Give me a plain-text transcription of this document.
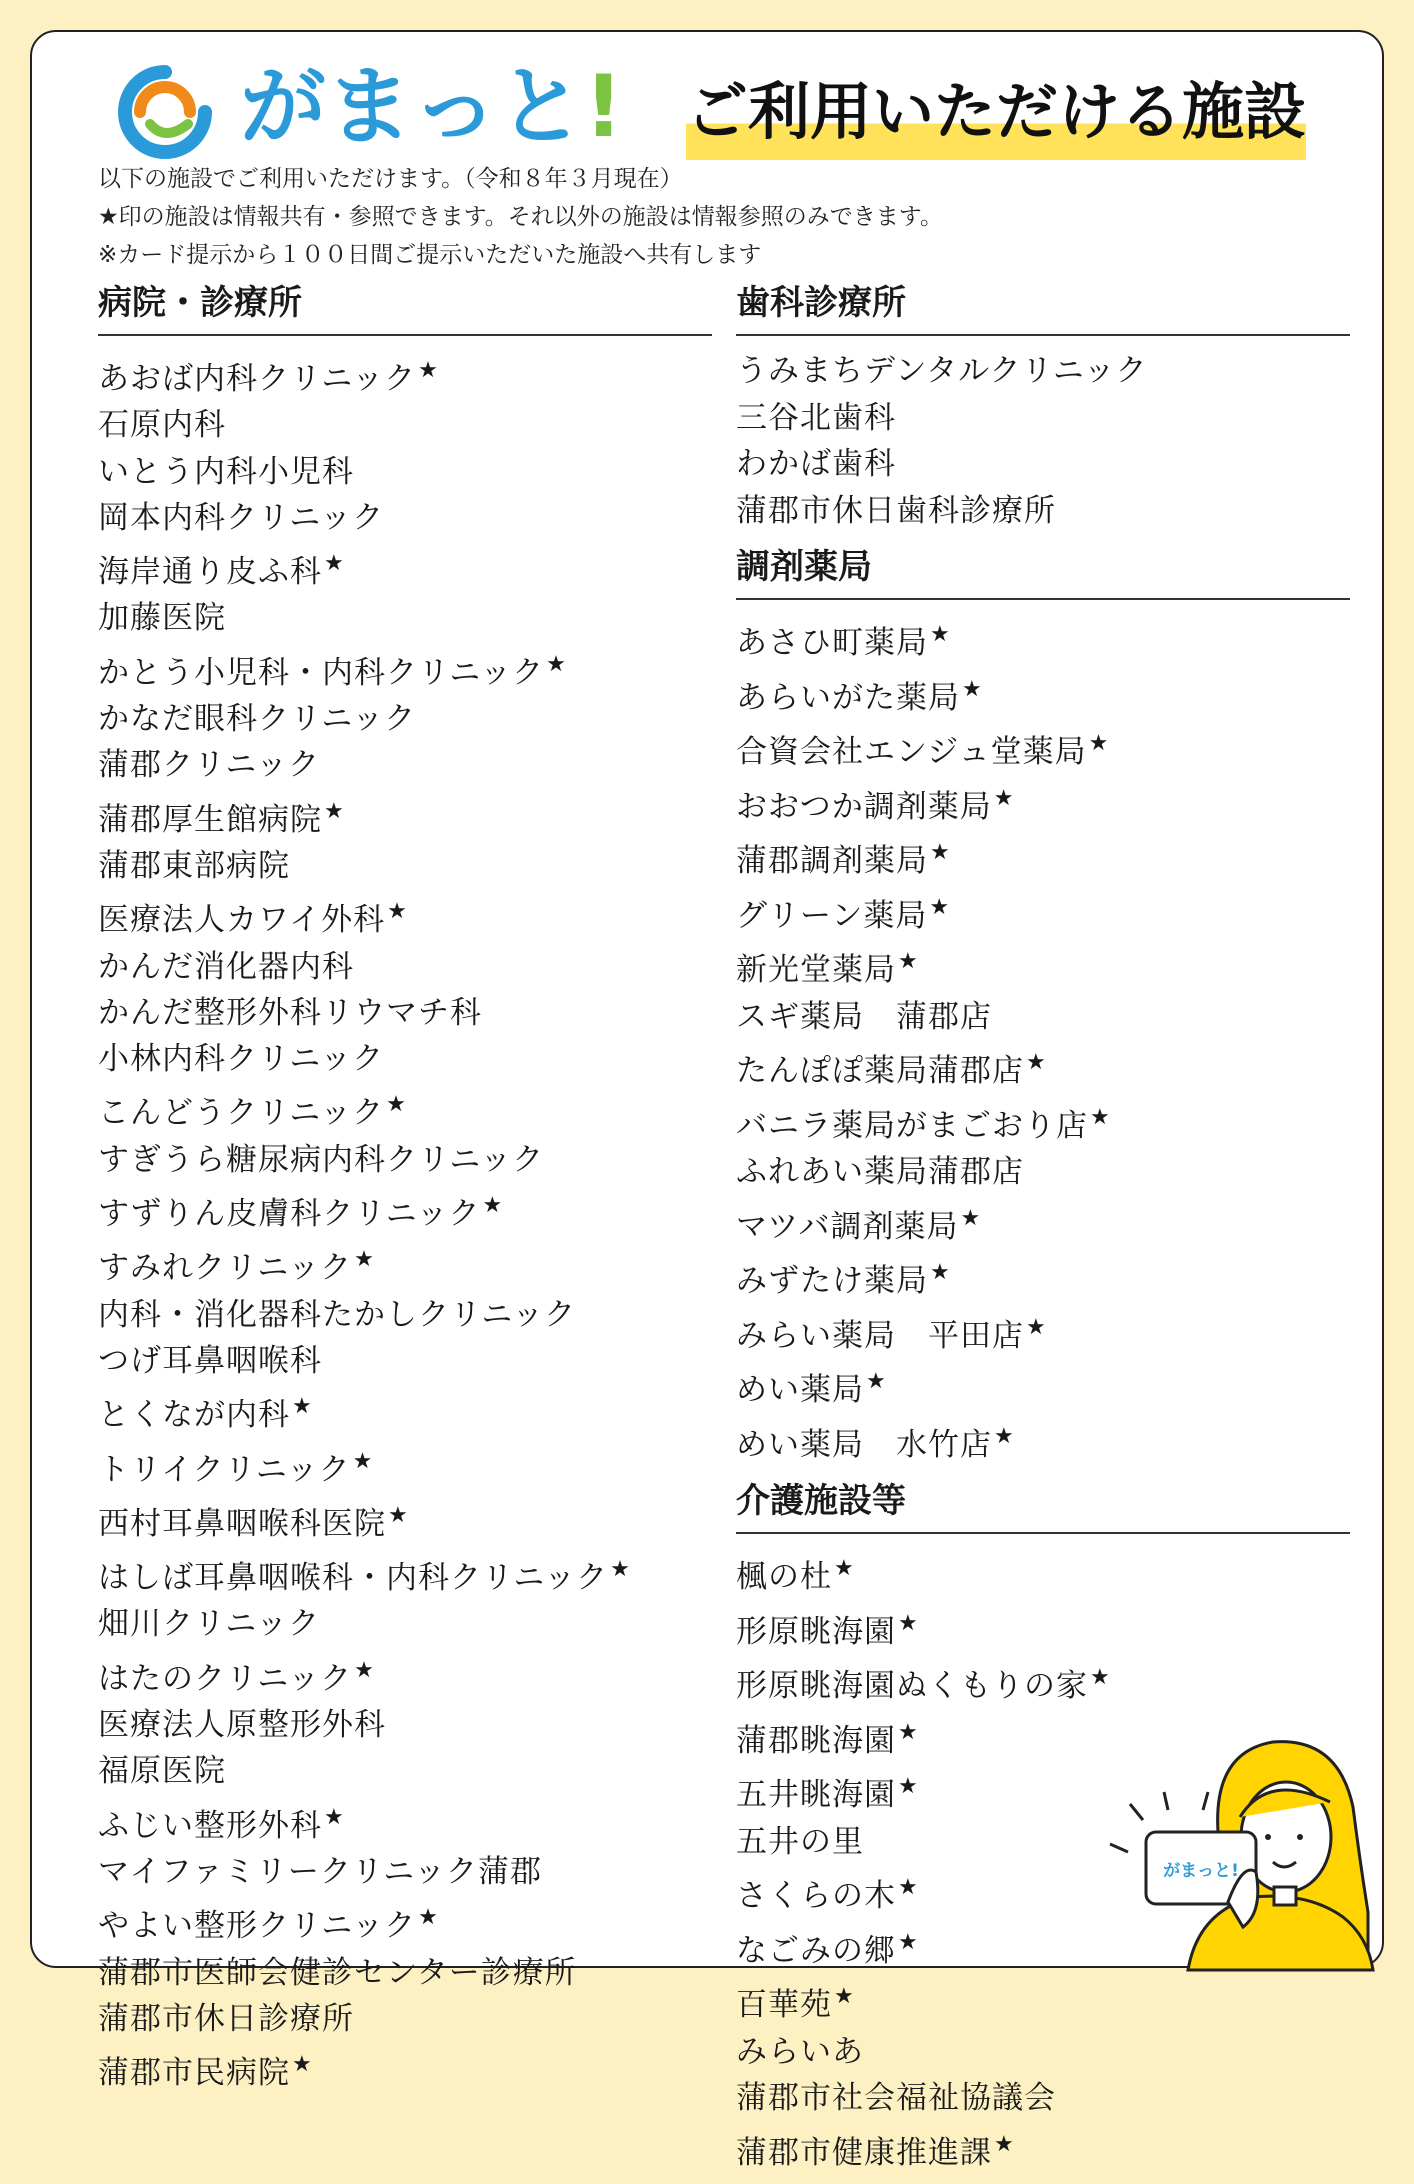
がまっと! ご利用いただける施設
以下の施設でご利用いただけます。（令和８年３月現在）
★印の施設は情報共有・参照できます。それ以外の施設は情報参照のみできます。
※カード提示から１００日間ご提示いただいた施設へ共有します
病院・診療所
あおば内科クリニック★
石原内科
いとう内科小児科
岡本内科クリニック
海岸通り皮ふ科★
加藤医院
かとう小児科・内科クリニック★
かなだ眼科クリニック
蒲郡クリニック
蒲郡厚生館病院★
蒲郡東部病院
医療法人カワイ外科★
かんだ消化器内科
かんだ整形外科リウマチ科
小林内科クリニック
こんどうクリニック★
すぎうら糖尿病内科クリニック
すずりん皮膚科クリニック★
すみれクリニック★
内科・消化器科たかしクリニック
つげ耳鼻咽喉科
とくなが内科★
トリイクリニック★
西村耳鼻咽喉科医院★
はしば耳鼻咽喉科・内科クリニック★
畑川クリニック
はたのクリニック★
医療法人原整形外科
福原医院
ふじい整形外科★
マイファミリークリニック蒲郡
やよい整形クリニック★
蒲郡市医師会健診センター診療所
蒲郡市休日診療所
蒲郡市民病院★
歯科診療所
うみまちデンタルクリニック
三谷北歯科
わかば歯科
蒲郡市休日歯科診療所
調剤薬局
あさひ町薬局★
あらいがた薬局★
合資会社エンジュ堂薬局★
おおつか調剤薬局★
蒲郡調剤薬局★
グリーン薬局★
新光堂薬局★
スギ薬局　蒲郡店
たんぽぽ薬局蒲郡店★
バニラ薬局がまごおり店★
ふれあい薬局蒲郡店
マツバ調剤薬局★
みずたけ薬局★
みらい薬局　平田店★
めい薬局★
めい薬局　水竹店★
介護施設等
楓の杜★
形原眺海園★
形原眺海園ぬくもりの家★
蒲郡眺海園★
五井眺海園★
五井の里
さくらの木★
なごみの郷★
百華苑★
みらいあ
蒲郡市社会福祉協議会
蒲郡市健康推進課★
がまっと!
